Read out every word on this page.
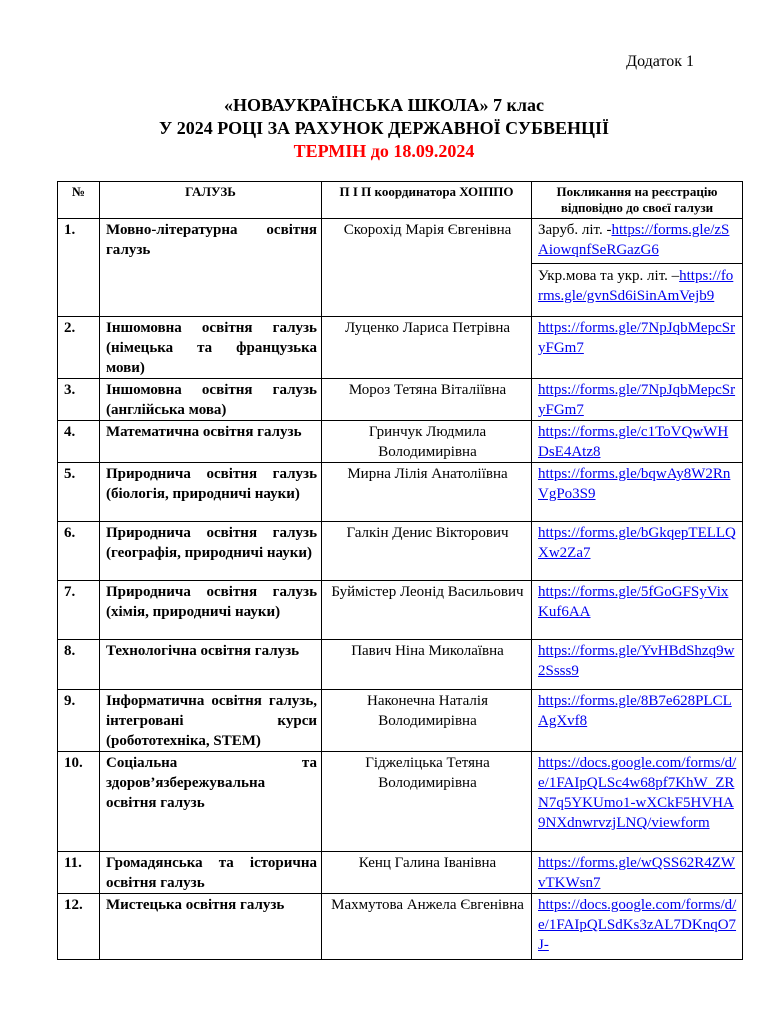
Додаток 1
«НОВАУКРАЇНСЬКА ШКОЛА» 7 клас
У 2024 РОЦІ ЗА РАХУНОК ДЕРЖАВНОЇ СУБВЕНЦІЇ
ТЕРМІН до 18.09.2024
№	ГАЛУЗЬ	П І П координатора ХОІППО	Покликання на реєстрацію відповідно до своєї галузи
1.	Мовно-літературна освітня галузь	Скорохід Марія Євгенівна	Заруб. літ. -https://forms.gle/zSAiowqnfSeRGazG6
Укр.мова та укр. літ. –https://forms.gle/gvnSd6iSinAmVejb9

2.	Іншомовна освітня галузь (німецька та французька мови)	Луценко Лариса Петрівна	https://forms.gle/7NpJqbMepcSryFGm7

3.	Іншомовна освітня галузь (англійська мова)	Мороз Тетяна Віталіївна	https://forms.gle/7NpJqbMepcSryFGm7

4.	Математична освітня галузь	Гринчук Людмила Володимирівна	https://forms.gle/c1ToVQwWHDsE4Atz8

5.	Природнича освітня галузь (біологія, природничі науки)	Мирна Лілія Анатоліївна	https://forms.gle/bqwAy8W2RnVgPo3S9

6.	Природнича освітня галузь (географія, природничі науки)	Галкін Денис Вікторович	https://forms.gle/bGkqepTELLQXw2Za7

7.	Природнича освітня галузь (хімія, природничі науки)	Буймістер Леонід Васильович	https://forms.gle/5fGoGFSyVixKuf6AA

8.	Технологічна освітня галузь	Павич Ніна Миколаївна	https://forms.gle/YvHBdShzq9w2Ssss9

9.	Інформатична освітня галузь, інтегровані курси (робототехніка, STEM)	Наконечна Наталія Володимирівна	https://forms.gle/8B7e628PLCLAgXvf8

10.	Соціальна та здоров’язбережувальна освітня галузь	Гіджеліцька Тетяна Володимирівна	https://docs.google.com/forms/d/e/1FAIpQLSc4w68pf7KhW_ZRN7q5YKUmo1-wXCkF5HVHA9NXdnwrvzjLNQ/viewform

11.	Громадянська та історична освітня галузь	Кенц Галина Іванівна	https://forms.gle/wQSS62R4ZWvTKWsn7

12.	Мистецька освітня галузь	Махмутова Анжела Євгенівна	https://docs.google.com/forms/d/e/1FAIpQLSdKs3zAL7DKnqO7J-
